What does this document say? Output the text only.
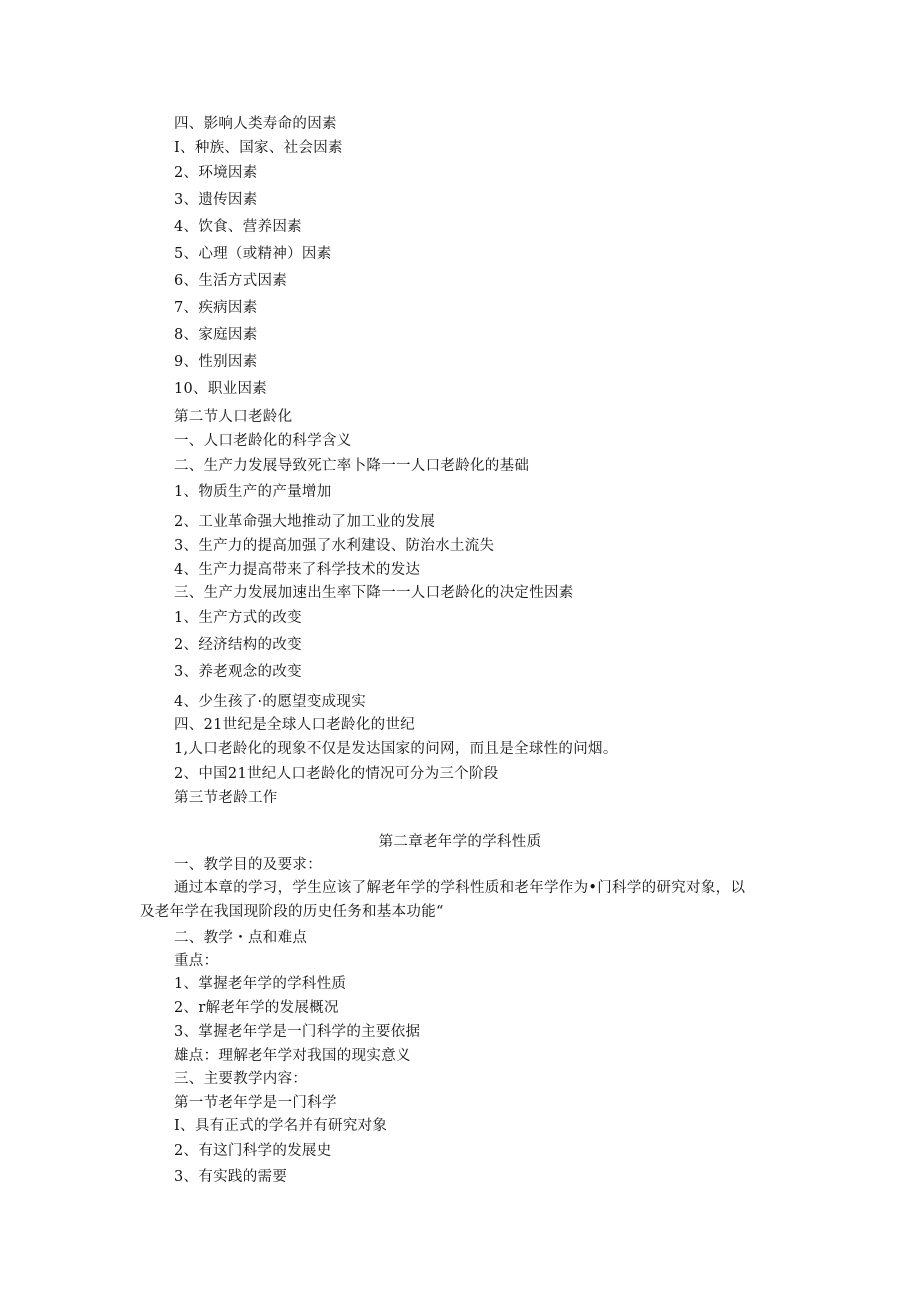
四、影响人类寿命的因素
I、种族、国家、社会因素
2、环境因素
3、遗传因素
4、饮食、营养因素
5、心理（或精神）因素
6、生活方式因素
7、疾病因素
8、家庭因素
9、性别因素
10、职业因素
第二节人口老龄化
一、人口老龄化的科学含义
二、生产力发展导致死亡率卜降一一人口老龄化的基础
1、物质生产的产量增加
2、工业革命强大地推动了加工业的发展
3、生产力的提高加强了水利建设、防治水土流失
4、生产力提高带来了科学技术的发达
三、生产力发展加速出生率下降一一人口老龄化的决定性因素
1、生产方式的改变
2、经济结构的改变
3、养老观念的改变
4、少生孩了·的愿望变成现实
四、21世纪是全球人口老龄化的世纪
1,人口老龄化的现象不仅是发达国家的问网，而且是全球性的问烟。
2、中国21世纪人口老龄化的情况可分为三个阶段
第三节老龄工作
第二章老年学的学科性质
一、教学目的及要求：
通过本章的学习，学生应该了解老年学的学科性质和老年学作为•门科学的研究对象，以及老年学在我国现阶段的历史任务和基本功能“
二、教学・点和难点
重点：
1、掌握老年学的学科性质
2、r解老年学的发展概况
3、掌握老年学是一门科学的主要依据
雄点：理解老年学对我国的现实意义
三、主要教学内容：
第一节老年学是一门科学
I、具有正式的学名并有研究对象
2、有这门科学的发展史
3、有实践的需要
